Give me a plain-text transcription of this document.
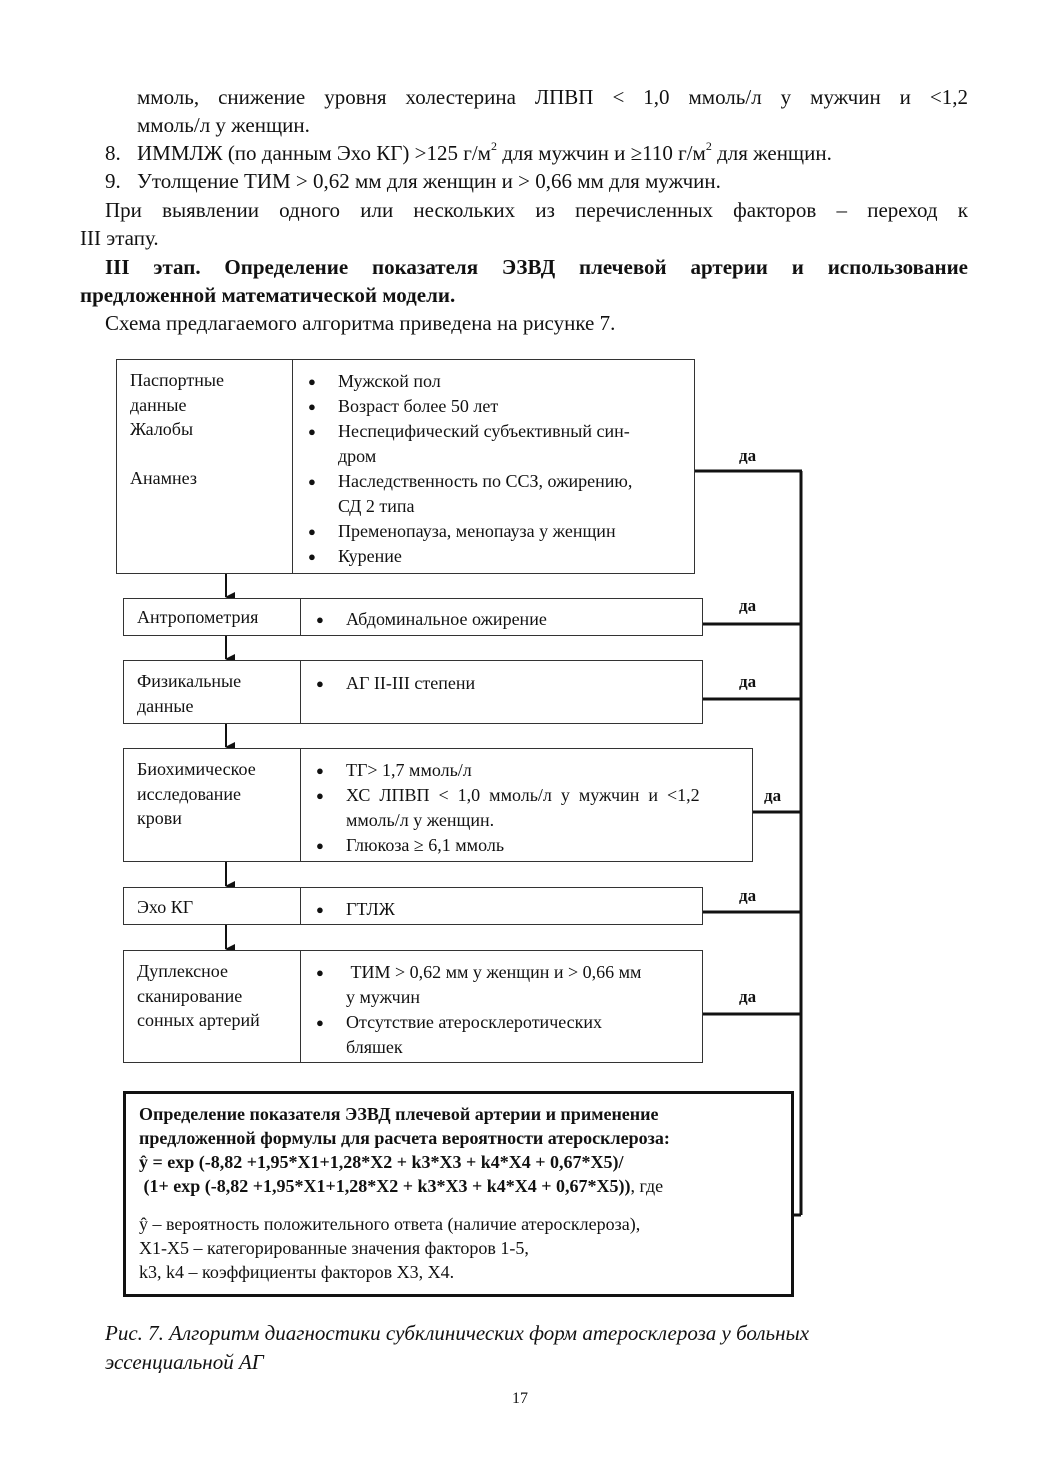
ммоль, снижение уровня холестерина ЛПВП < 1,0 ммоль/л у мужчин и <1,2
ммоль/л у женщин.
8. ИММЛЖ (по данным Эхо КГ) >125 $г/м^2$ для мужчин и ≥110 $г/м^2$ для женщин.
9. Утолщение ТИМ > 0,62 мм для женщин и > 0,66 мм для мужчин.
При выявлении одного или нескольких из перечисленных факторов – переход к
III этапу.
III этап. Определение показателя ЭЗВД плечевой артерии и использование
предложенной математической модели.
Схема предлагаемого алгоритма приведена на рисунке 7.
да
да
да
да
да
да
Паспортные
данные
Жалобы
Анамнез
● Мужской пол
● Возраст более 50 лет
● Неспецифический субъективный син-
дром
● Наследственность по ССЗ, ожирению,
СД 2 типа
● Пременопауза, менопауза у женщин
● Курение
Антропометрия	● Абдоминальное ожирение
Физикальные
данные
● АГ II-III степени
Биохимическое
исследование
крови
● ТГ> 1,7 ммоль/л
● ХС  ЛПВП  <  1,0  ммоль/л  у  мужчин  и  <1,2
ммоль/л у женщин.
● Глюкоза ≥ 6,1 ммоль
Эхо КГ	● ГТЛЖ
Дуплексное
сканирование
сонных артерий
● ТИМ > 0,62 мм у женщин и > 0,66 мм
у мужчин
● Отсутствие атеросклеротических
бляшек
Определение показателя ЭЗВД плечевой артерии и применение
предложенной формулы для расчета вероятности атеросклероза:
ŷ = exp (-8,82 +1,95*X1+1,28*X2 + k3*X3 + k4*X4 + 0,67*X5)/
(1+ exp (-8,82 +1,95*X1+1,28*X2 + k3*X3 + k4*X4 + 0,67*X5)), где
ŷ – вероятность положительного ответа (наличие атеросклероза),
X1-X5 – категорированные значения факторов 1-5,
k3, k4 – коэффициенты факторов X3, X4.
Рис. 7. Алгоритм диагностики субклинических форм атеросклероза у больных
эссенциальной АГ
17
